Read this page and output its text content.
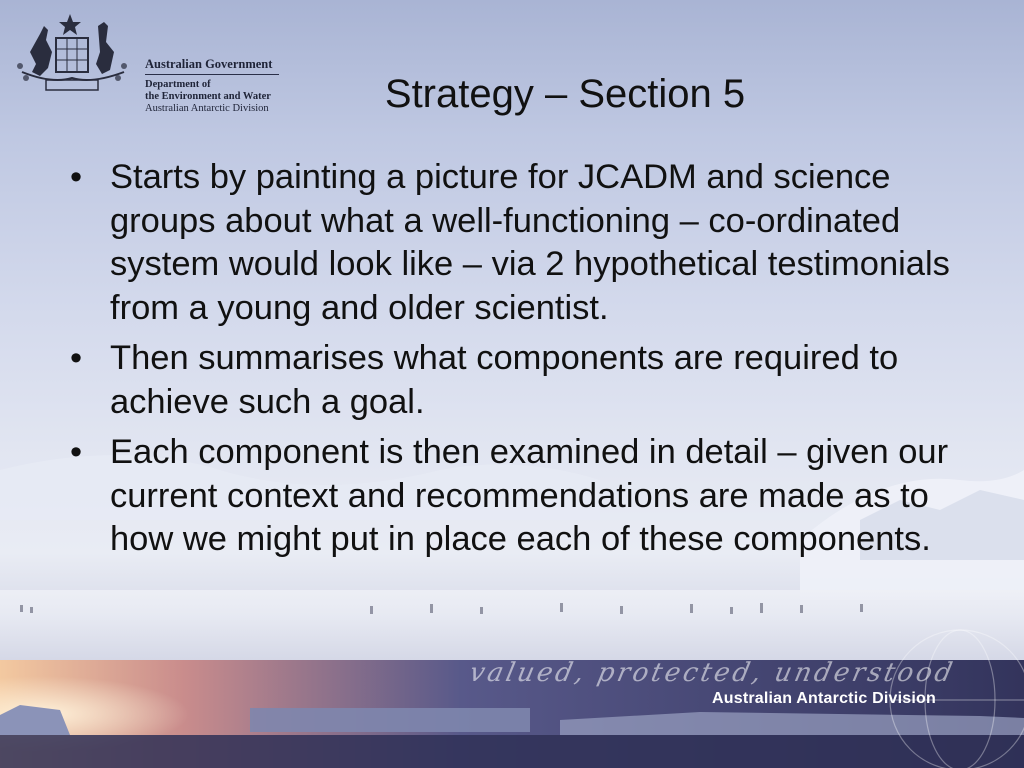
Australian Government
Department of
the Environment and Water
Australian Antarctic Division	Strategy – Section 5
• Starts by painting a picture for JCADM and science groups about what a well-functioning – co-ordinated system would look like – via 2 hypothetical testimonials from a young and older scientist.
• Then summarises what components are required to achieve such a goal.
• Each component is then examined in detail – given our current context and recommendations are made as to how we might put in place each of these components.
valued, protected, understood
Australian Antarctic Division
